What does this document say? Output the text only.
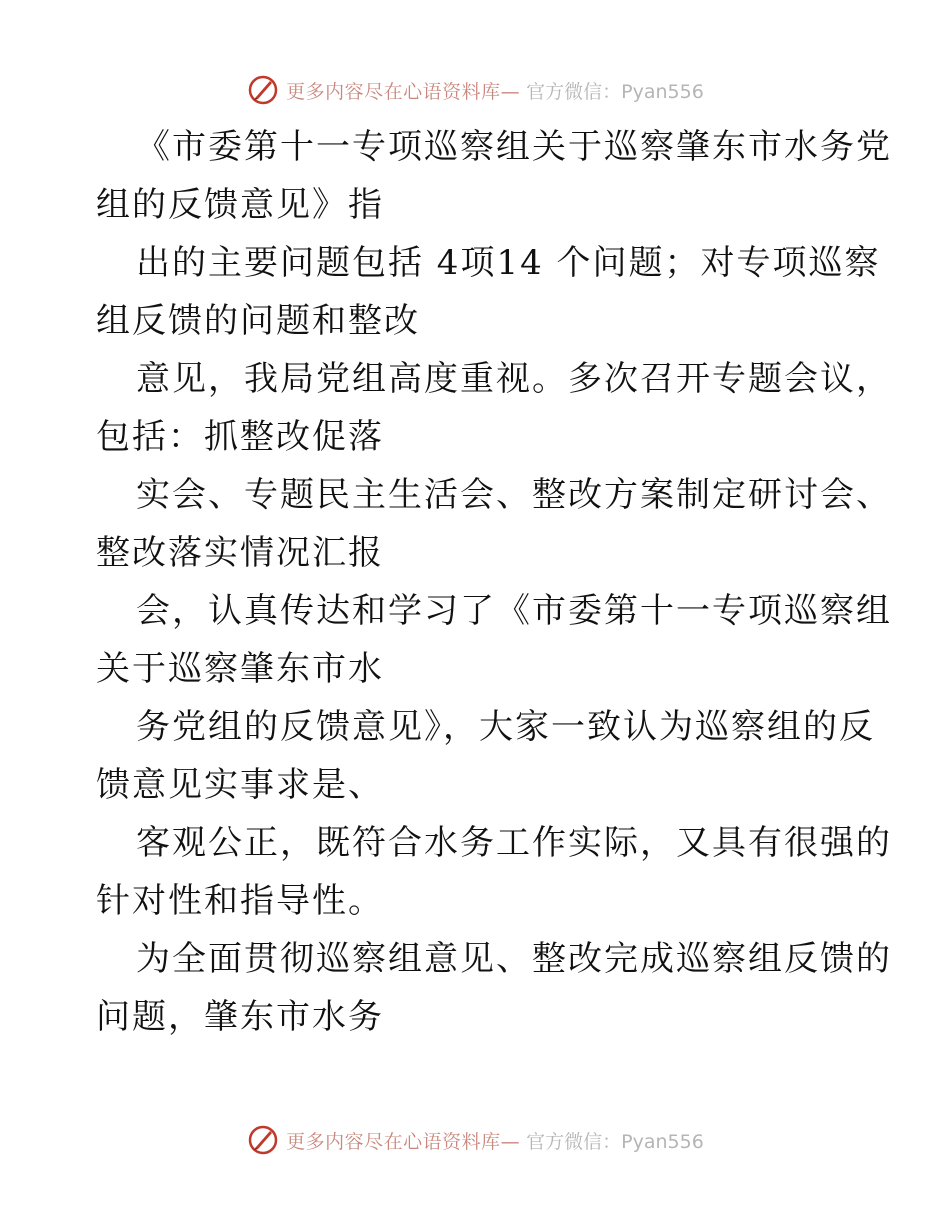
更多内容尽在心语资料库— 官方微信：Pyan556
《市委第十一专项巡察组关于巡察肇东市水务党
组的反馈意见》指
出的主要问题包括 4项14 个问题；对专项巡察
组反馈的问题和整改
意见，我局党组高度重视。多次召开专题会议，
包括：抓整改促落
实会、专题民主生活会、整改方案制定研讨会、
整改落实情况汇报
会，认真传达和学习了《市委第十一专项巡察组
关于巡察肇东市水
务党组的反馈意见》，大家一致认为巡察组的反
馈意见实事求是、
客观公正，既符合水务工作实际，又具有很强的
针对性和指导性。
为全面贯彻巡察组意见、整改完成巡察组反馈的
问题，肇东市水务
更多内容尽在心语资料库— 官方微信：Pyan556
